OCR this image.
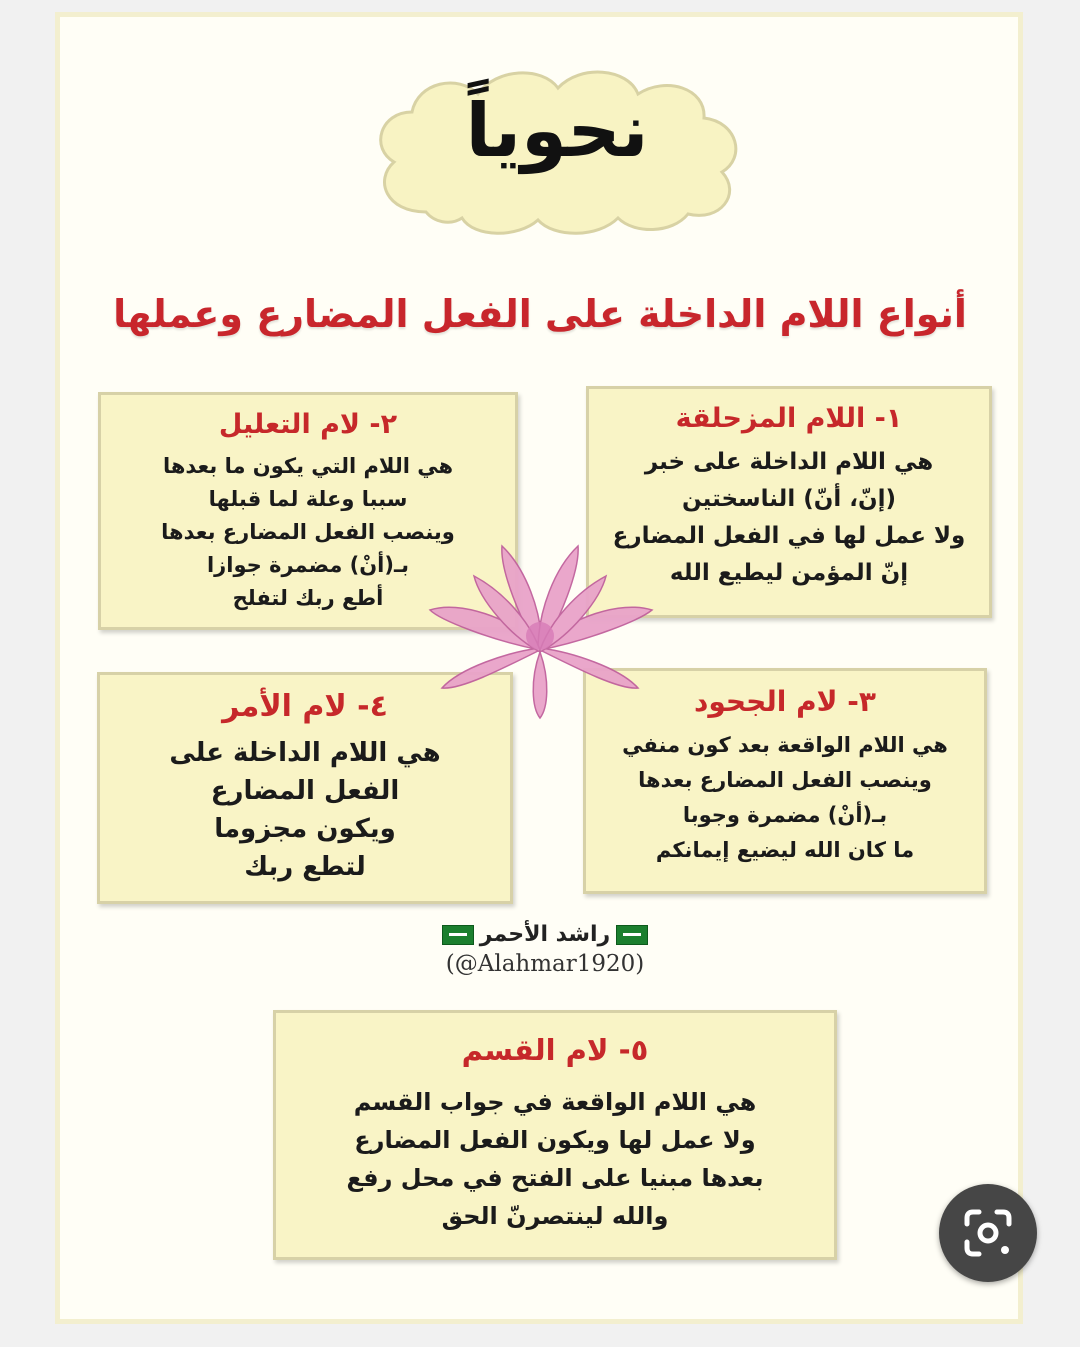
نحوياً
أنواع اللام الداخلة على الفعل المضارع وعملها
١- اللام المزحلقة
هي اللام الداخلة على خبر
(إنّ، أنّ) الناسختين
ولا عمل لها في الفعل المضارع
إنّ المؤمن ليطيع الله
٢- لام التعليل
هي اللام التي يكون ما بعدها
سببا وعلة لما قبلها
وينصب الفعل المضارع بعدها
بـ(أنْ) مضمرة جوازا
أطع ربك لتفلح
٣- لام الجحود
هي اللام الواقعة بعد كون منفي
وينصب الفعل المضارع بعدها
بـ(أنْ) مضمرة وجوبا
ما كان الله ليضيع إيمانكم
٤- لام الأمر
هي اللام الداخلة على
الفعل المضارع
ويكون مجزوما
لتطع ربك
٥- لام القسم
هي اللام الواقعة في جواب القسم
ولا عمل لها ويكون الفعل المضارع
بعدها مبنيا على الفتح في محل رفع
والله لينتصرنّ الحق
راشد الأحمر
(@Alahmar1920)
